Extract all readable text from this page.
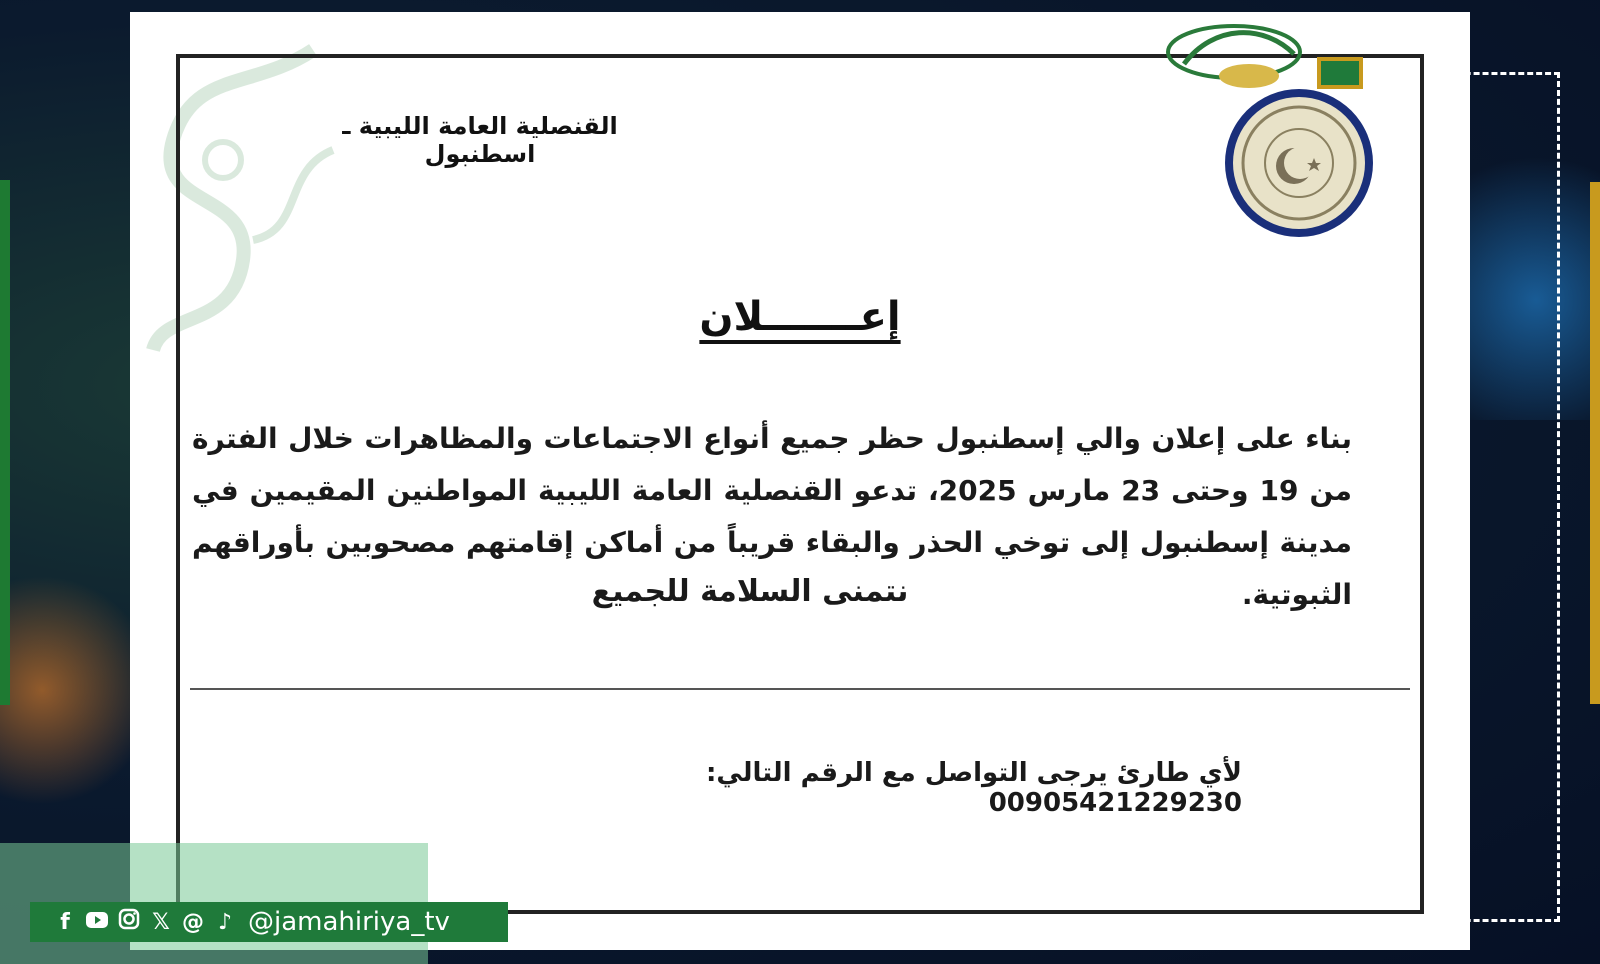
القنصلية العامة الليبية ـ اسطنبول
إعـــــــلان
بناء على إعلان والي إسطنبول حظر جميع أنواع الاجتماعات والمظاهرات خلال الفترة من 19 وحتى 23 مارس 2025، تدعو القنصلية العامة الليبية المواطنين المقيمين في مدينة إسطنبول إلى توخي الحذر والبقاء قريباً من أماكن إقامتهم مصحوبين بأوراقهم الثبوتية.
نتمنى السلامة للجميع
لأي طارئ يرجى التواصل مع الرقم التالي: 00905421229230
f	𝕏 @ ♪ @jamahiriya_tv
